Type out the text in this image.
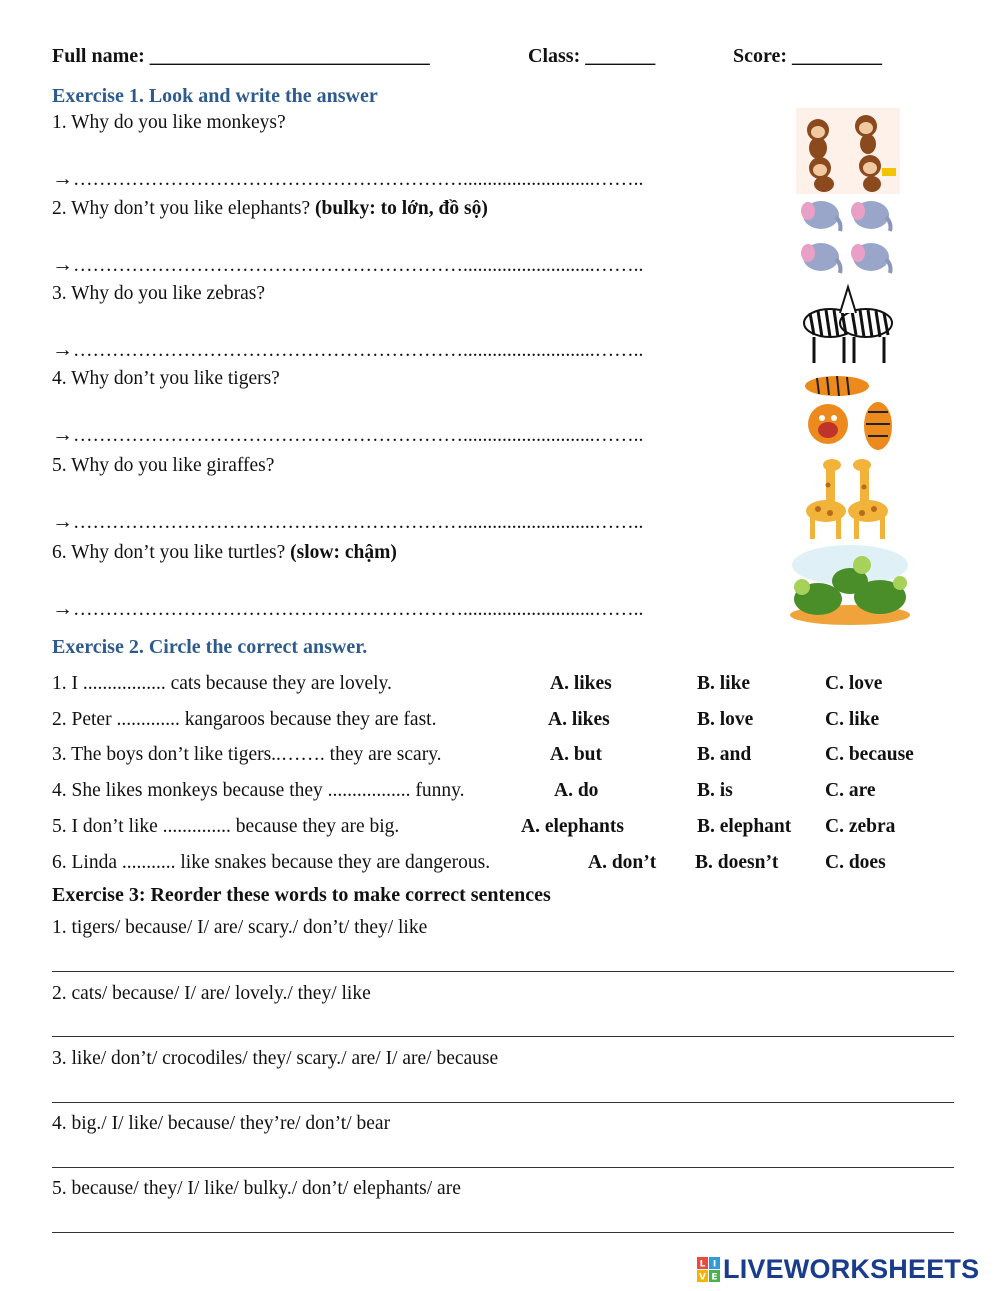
Full name: ____________________________	Class: _______	Score: _________
Exercise 1. Look and write the answer
1. Why do you like monkeys?
→……………………………………………………...........................……..
2. Why don’t you like elephants? (bulky: to lớn, đồ sộ)
→……………………………………………………...........................……..
3. Why do you like zebras?
→……………………………………………………...........................……..
4. Why don’t you like tigers?
→……………………………………………………...........................……..
5. Why do you like giraffes?
→……………………………………………………...........................……..
6. Why don’t you like turtles? (slow: chậm)
→……………………………………………………...........................……..
Exercise 2. Circle the correct answer.
1. I ................. cats because they are lovely.	A. likes	B. like	C. love
2. Peter ............. kangaroos because they are fast.	A. likes	B. love	C. like
3. The boys don’t like tigers..……. they are scary.	A. but	B. and	C. because
4. She likes monkeys because they ................. funny.	A. do	B. is	C. are
5. I don’t like .............. because they are big.	A. elephants	B. elephant C. zebra
6. Linda ........... like snakes because they are dangerous.	A. don’t B. doesn’t C. does
Exercise 3: Reorder these words to make correct sentences
1. tigers/ because/ I/ are/ scary./ don’t/ they/ like
2. cats/ because/ I/ are/ lovely./ they/ like
3. like/ don’t/ crocodiles/ they/ scary./ are/ I/ are/ because
4. big./ I/ like/ because/ they’re/ don’t/ bear
5. because/ they/ I/ like/ bulky./ don’t/ elephants/ are
L I
V E LIVEWORKSHEETS
